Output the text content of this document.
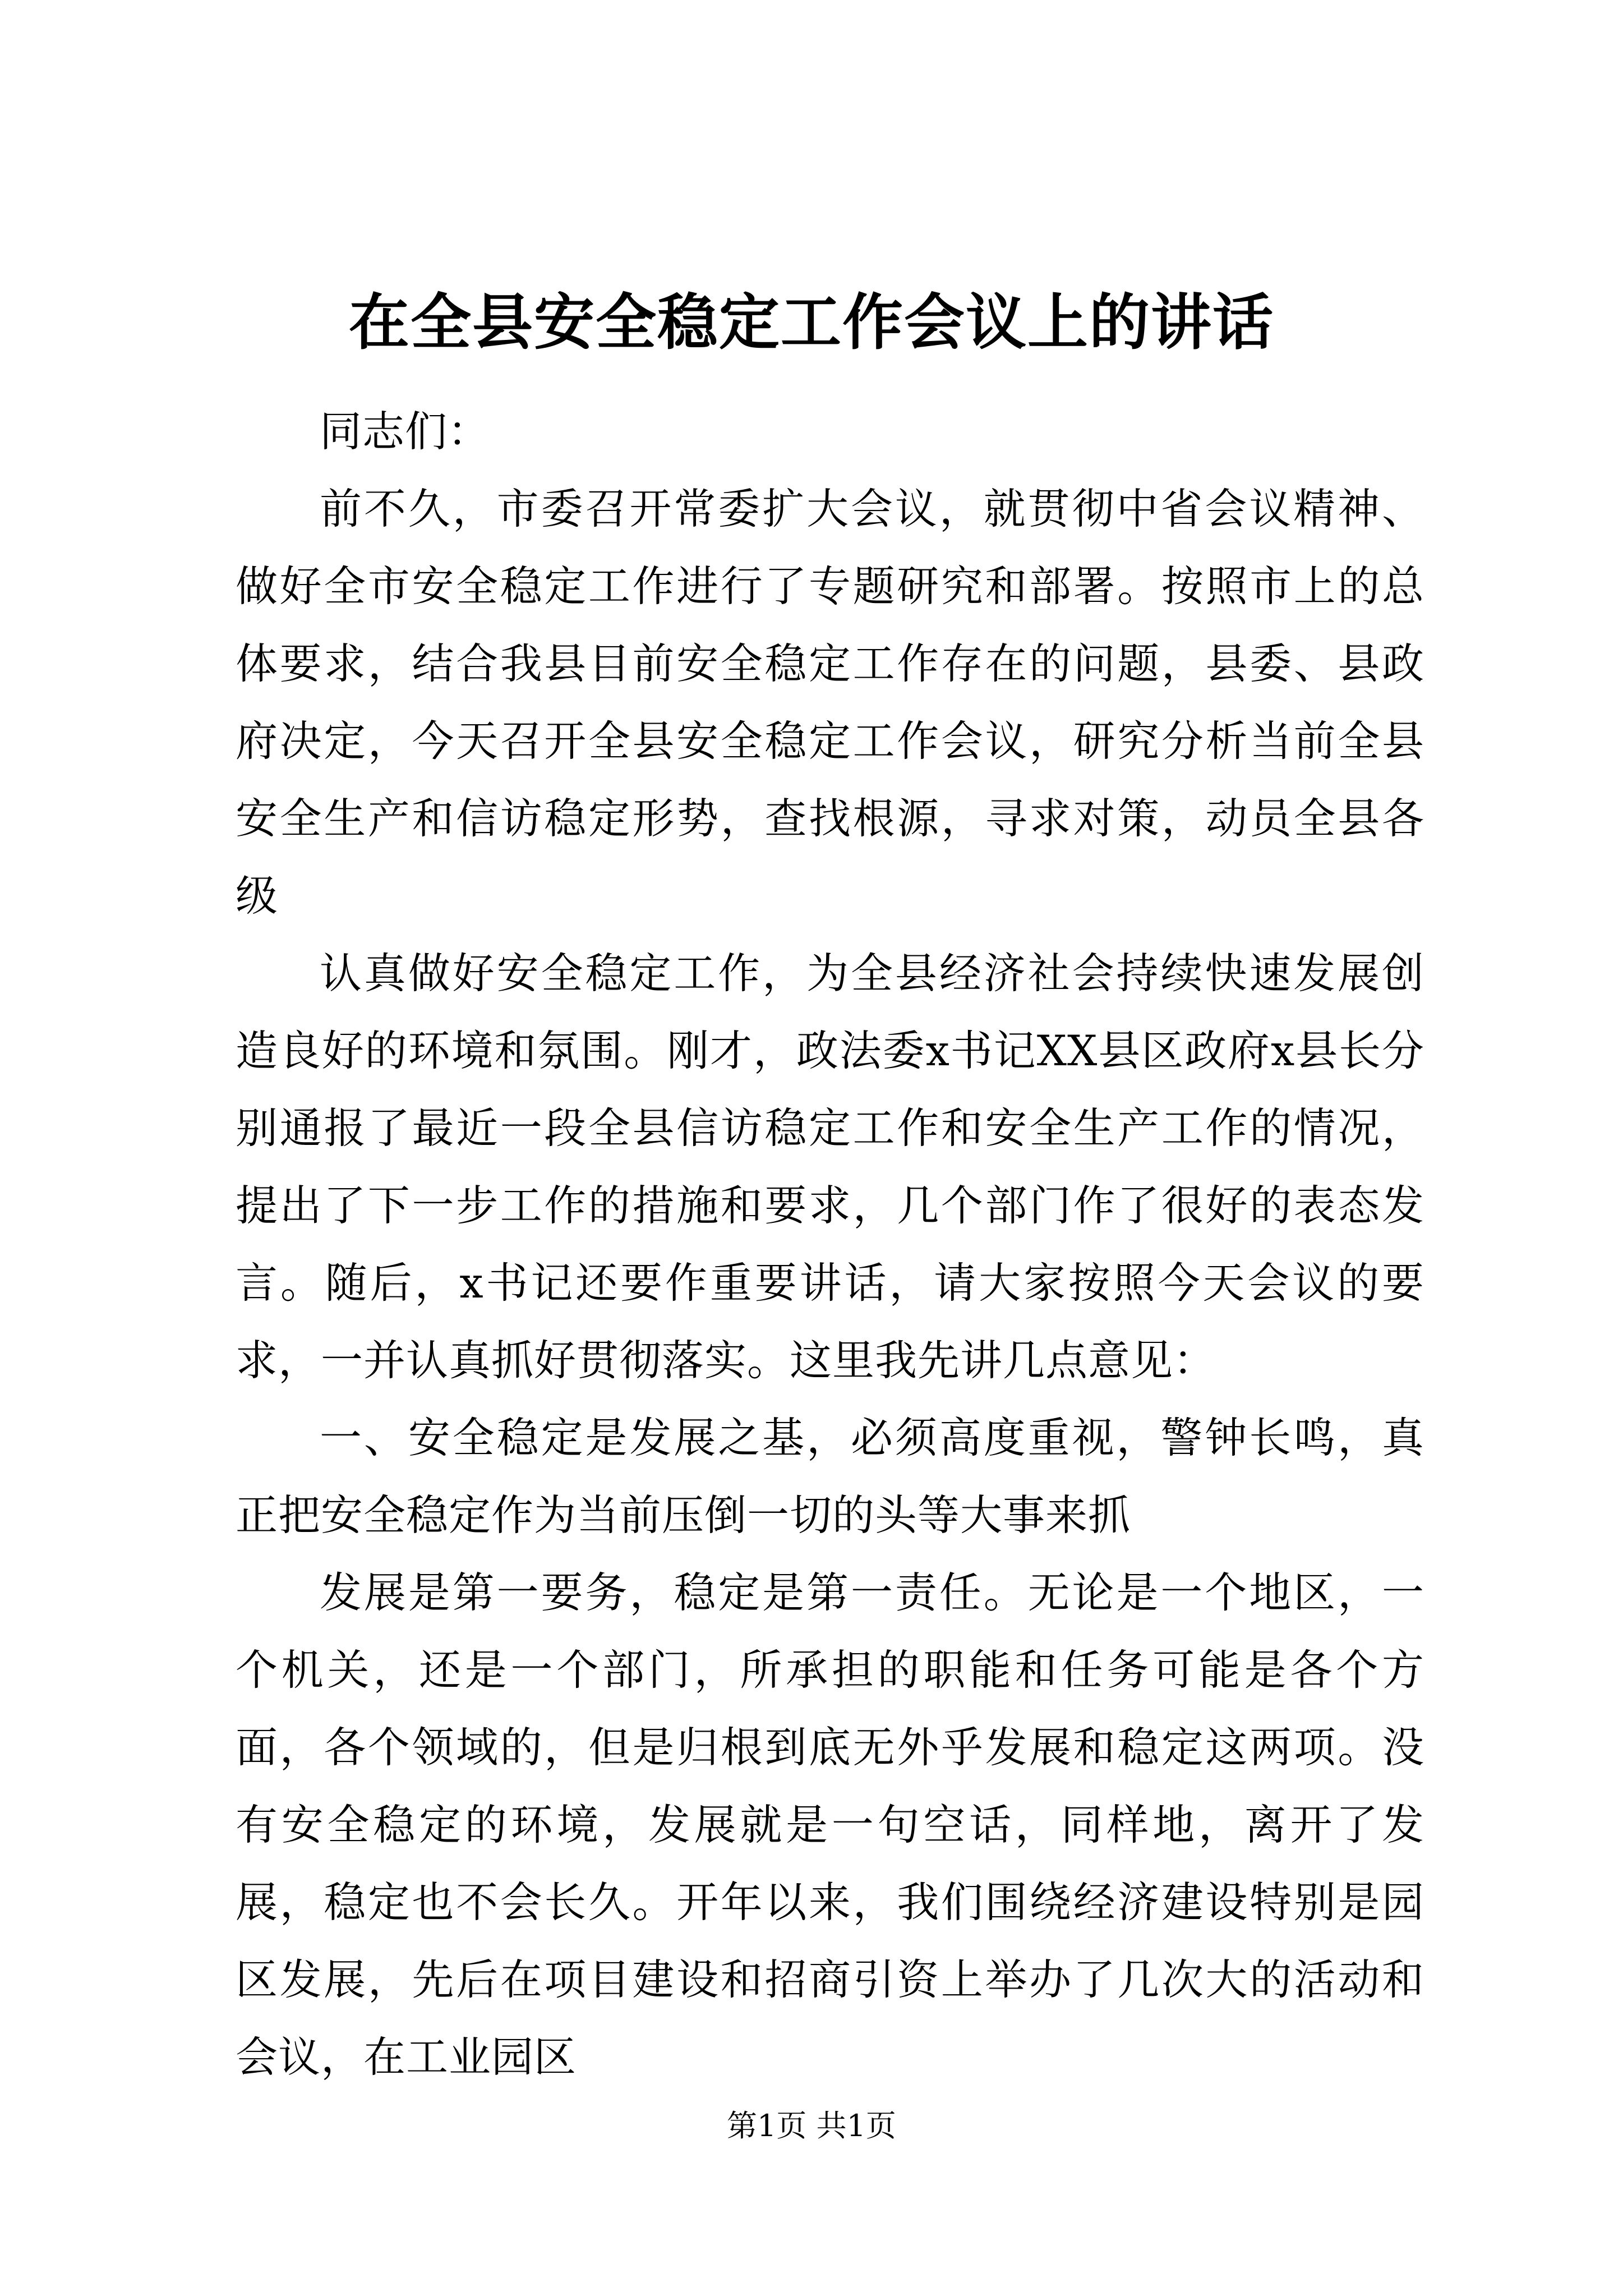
在全县安全稳定工作会议上的讲话

同志们：

前不久，市委召开常委扩大会议，就贯彻中省会议精神、做好全市安全稳定工作进行了专题研究和部署。按照市上的总体要求，结合我县目前安全稳定工作存在的问题，县委、县政府决定，今天召开全县安全稳定工作会议，研究分析当前全县安全生产和信访稳定形势，查找根源，寻求对策，动员全县各级

认真做好安全稳定工作，为全县经济社会持续快速发展创造良好的环境和氛围。刚才，政法委x书记XX县区政府x县长分别通报了最近一段全县信访稳定工作和安全生产工作的情况，提出了下一步工作的措施和要求，几个部门作了很好的表态发言。随后，x书记还要作重要讲话，请大家按照今天会议的要求，一并认真抓好贯彻落实。这里我先讲几点意见：

一、安全稳定是发展之基，必须高度重视，警钟长鸣，真正把安全稳定作为当前压倒一切的头等大事来抓

发展是第一要务，稳定是第一责任。无论是一个地区，一个机关，还是一个部门，所承担的职能和任务可能是各个方面，各个领域的，但是归根到底无外乎发展和稳定这两项。没有安全稳定的环境，发展就是一句空话，同样地，离开了发展，稳定也不会长久。开年以来，我们围绕经济建设特别是园区发展，先后在项目建设和招商引资上举办了几次大的活动和会议，在工业园区

第1页 共1页
